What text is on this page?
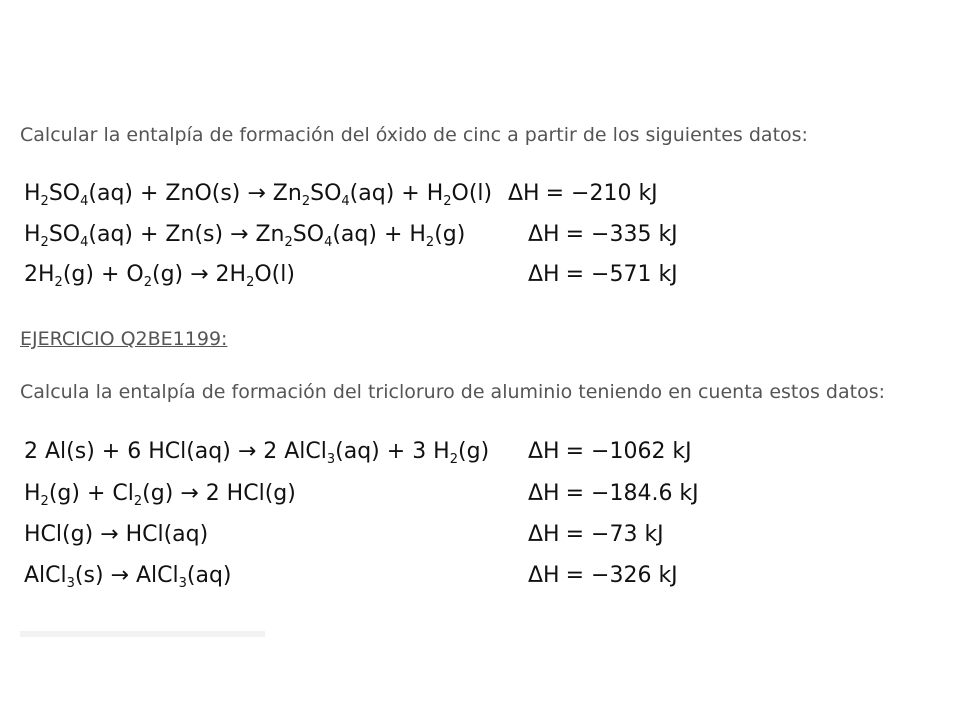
Calcular la entalpía de formación del óxido de cinc a partir de los siguientes datos:
$H_2SO_4(aq) + ZnO(s) \to Zn_2SO_4(aq) + H_2O(l) \Delta H = -210$ kJ
$H_2SO_4(aq) + Zn(s) \to Zn_2SO_4(aq) + H_2(g)$	ΔH = −335 kJ
$2H_2(g) + O_2(g) \to 2H_2O(l)$	ΔH = −571 kJ
EJERCICIO Q2BE1199:
Calcula la entalpía de formación del tricloruro de aluminio teniendo en cuenta estos datos:
2 Al(s) + 6 HCl(aq) → 2 AlCl$_3$(aq) + 3 $H_2(g) \Delta H = -1062$ kJ
$H_2(g) + Cl_2(g) \to 2$ HCl(g)	ΔH = −184.6 kJ
HCl(g) → HCl(aq)	ΔH = −73 kJ
AlCl$_3$(s) → AlCl$_3$(aq)	ΔH = −326 kJ
